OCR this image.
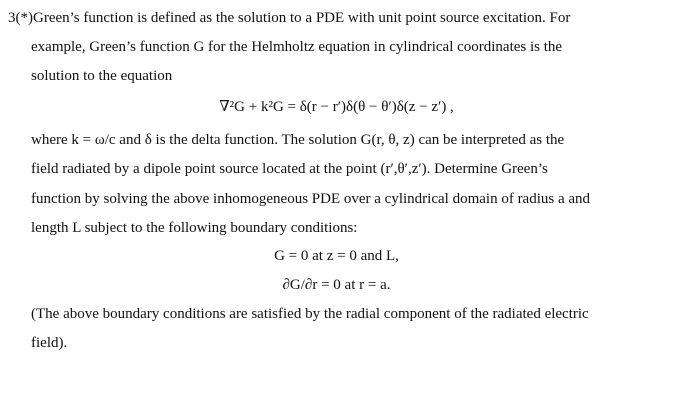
3(*)Green’s function is defined as the solution to a PDE with unit point source excitation. For
example, Green’s function G for the Helmholtz equation in cylindrical coordinates is the
solution to the equation
∇²G + k²G = δ(r − r′)δ(θ − θ′)δ(z − z′) ,
where k = ω/c and δ is the delta function. The solution G(r, θ, z) can be interpreted as the
field radiated by a dipole point source located at the point (r′,θ′,z′). Determine Green’s
function by solving the above inhomogeneous PDE over a cylindrical domain of radius a and
length L subject to the following boundary conditions:
G = 0 at z = 0 and L,
∂G/∂r = 0 at r = a.
(The above boundary conditions are satisfied by the radial component of the radiated electric
field).
